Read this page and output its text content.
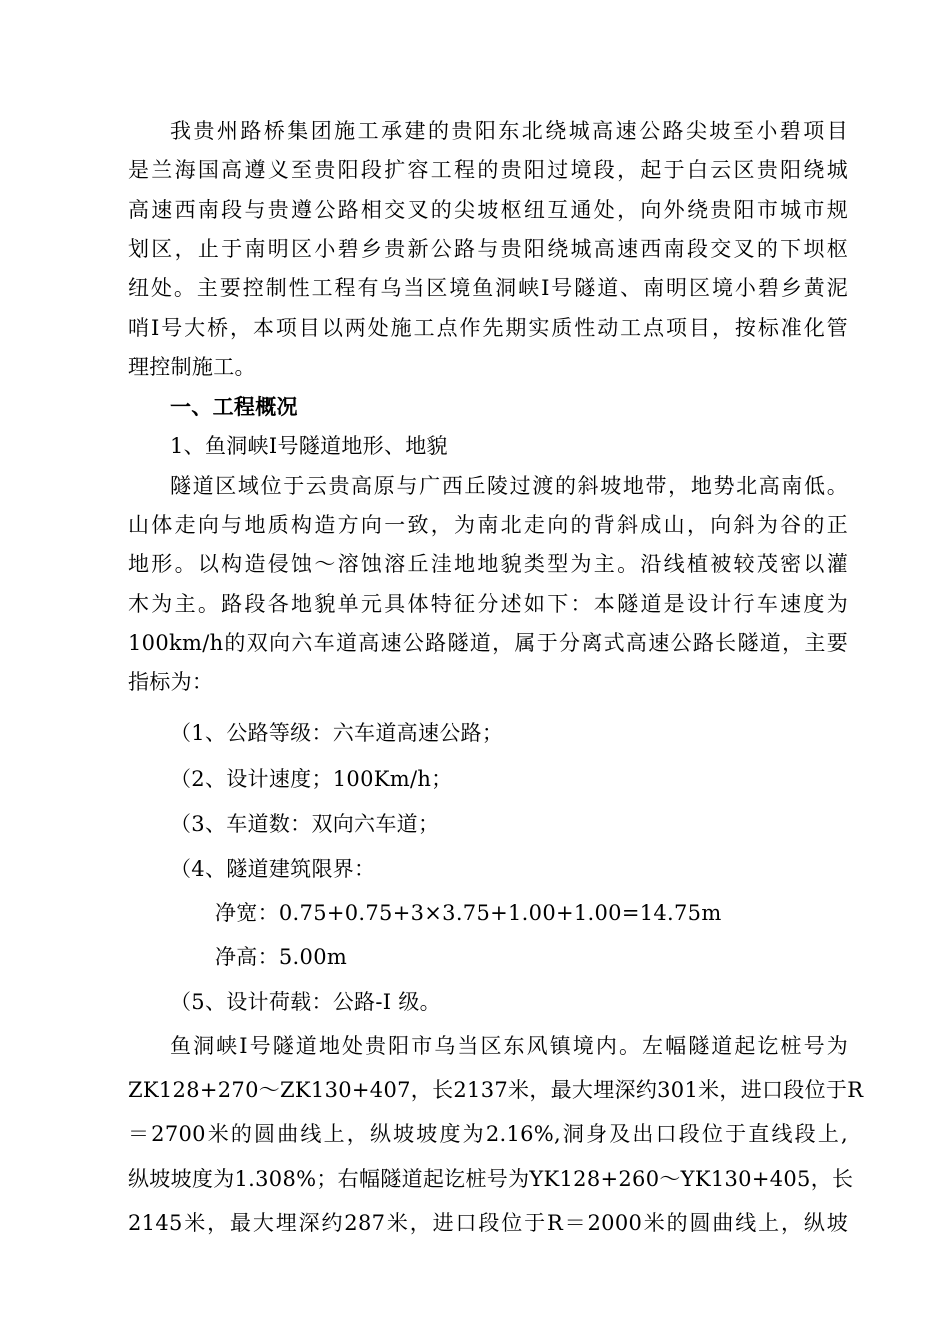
我贵州路桥集团施工承建的贵阳东北绕城高速公路尖坡至小碧项目
是兰海国高遵义至贵阳段扩容工程的贵阳过境段，起于白云区贵阳绕城
高速西南段与贵遵公路相交叉的尖坡枢纽互通处，向外绕贵阳市城市规
划区，止于南明区小碧乡贵新公路与贵阳绕城高速西南段交叉的下坝枢
纽处。主要控制性工程有乌当区境鱼洞峡Ⅰ号隧道、南明区境小碧乡黄泥
哨Ⅰ号大桥，本项目以两处施工点作先期实质性动工点项目，按标准化管
理控制施工。
一、工程概况
1、鱼洞峡Ⅰ号隧道地形、地貌
隧道区域位于云贵高原与广西丘陵过渡的斜坡地带，地势北高南低。
山体走向与地质构造方向一致，为南北走向的背斜成山，向斜为谷的正
地形。以构造侵蚀～溶蚀溶丘洼地地貌类型为主。沿线植被较茂密以灌
木为主。路段各地貌单元具体特征分述如下：本隧道是设计行车速度为
100km/h的双向六车道高速公路隧道，属于分离式高速公路长隧道，主要
指标为：
（1、公路等级：六车道高速公路；
（2、设计速度；100Km/h；
（3、车道数：双向六车道；
（4、隧道建筑限界：
净宽：0.75+0.75+3×3.75+1.00+1.00=14.75m
净高：5.00m
（5、设计荷载：公路-Ⅰ 级。
鱼洞峡Ⅰ号隧道地处贵阳市乌当区东风镇境内。左幅隧道起讫桩号为
ZK128+270～ZK130+407，长2137米，最大埋深约301米，进口段位于R
＝2700米的圆曲线上，纵坡坡度为2.16%,洞身及出口段位于直线段上,
纵坡坡度为1.308%；右幅隧道起讫桩号为YK128+260～YK130+405，长
2145米，最大埋深约287米，进口段位于R＝2000米的圆曲线上，纵坡
